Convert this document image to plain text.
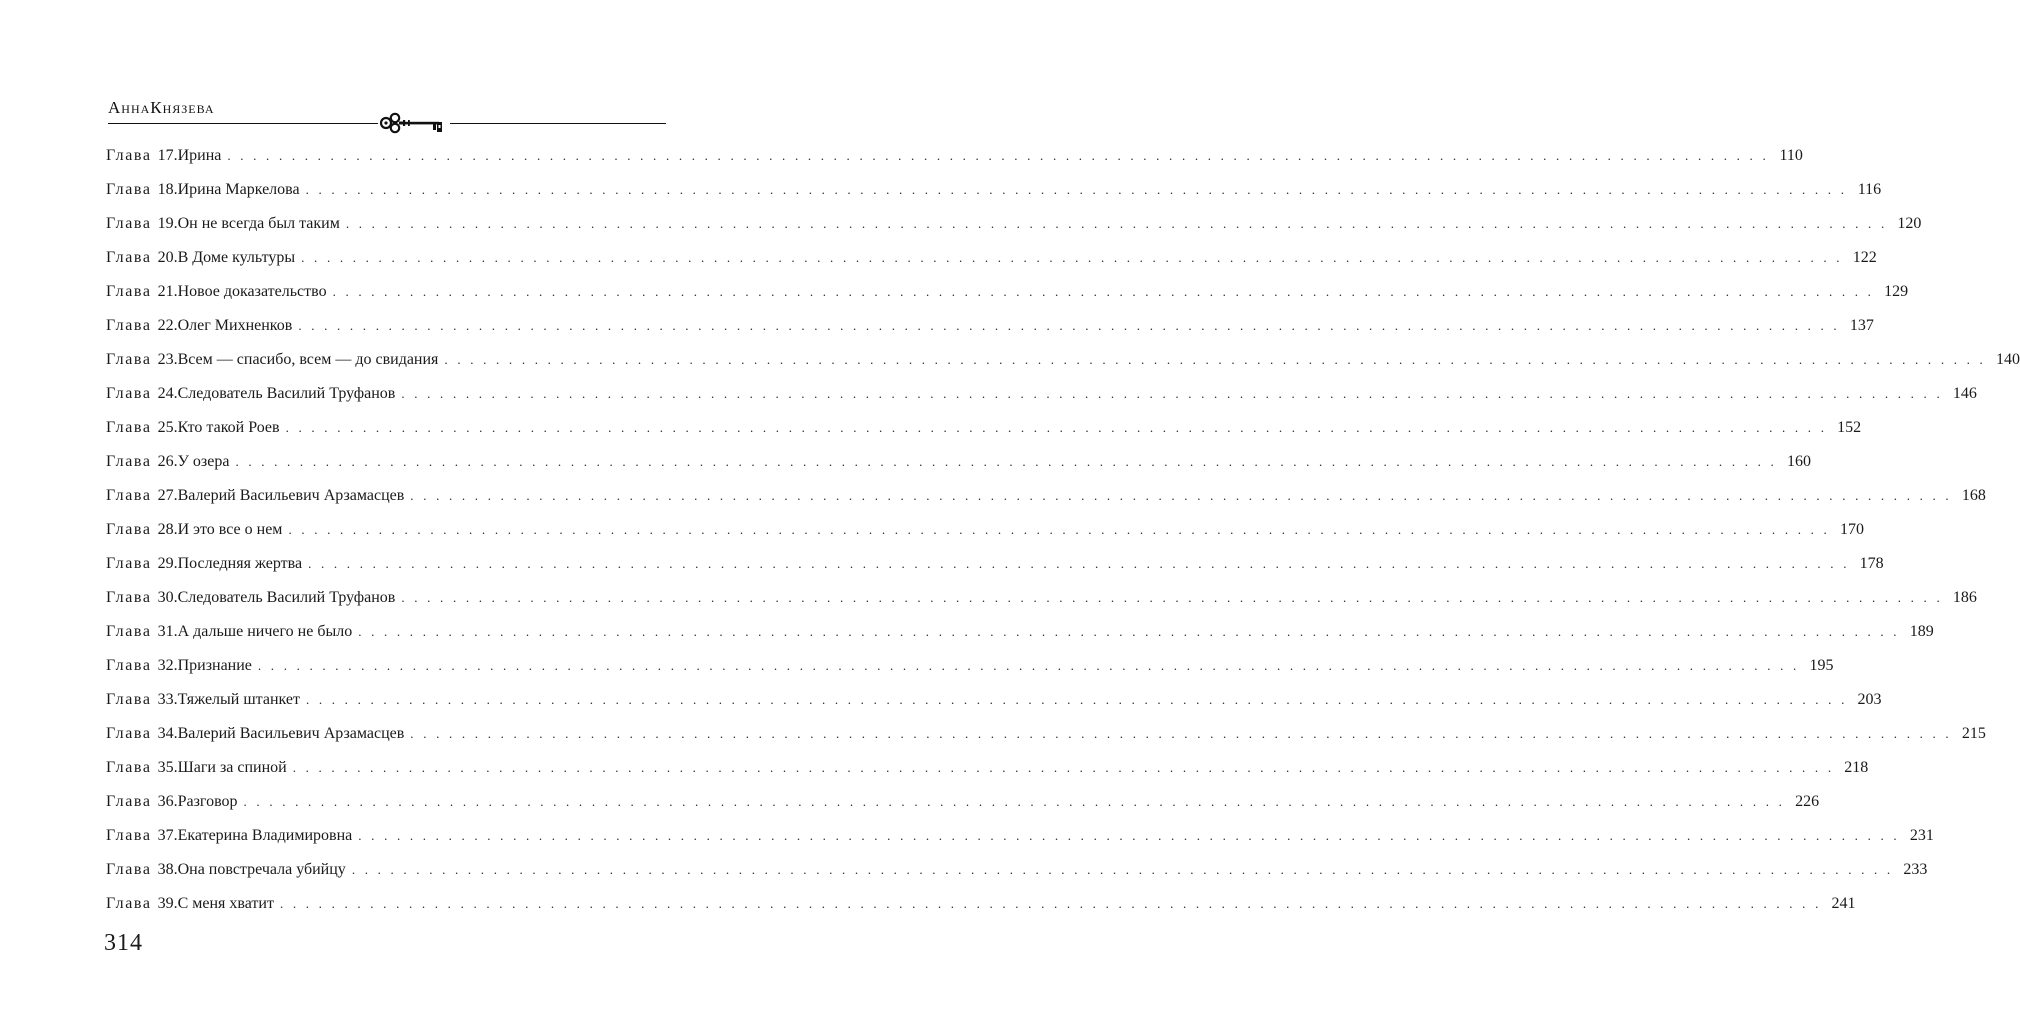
АннаКнязева
Глава 17. Ирина . . . . . . . . . . . . . . . . . . . . . . . . . . . . . . . . . . . . . . . . . . . . . . . . . . . . . . . . . . . . . . . . . . . . . . . . . . . . . . . . . . . . . . . . . . . . . . . . . . . . . . . . . . . . . . . . . . . . . . . . 110
Глава 18. Ирина Маркелова . . . . . . . . . . . . . . . . . . . . . . . . . . . . . . . . . . . . . . . . . . . . . . . . . . . . . . . . . . . . . . . . . . . . . . . . . . . . . . . . . . . . . . . . . . . . . . . . . . . . . . . . . . . . . . . . . . . . . . . . 116
Глава 19. Он не всегда был таким . . . . . . . . . . . . . . . . . . . . . . . . . . . . . . . . . . . . . . . . . . . . . . . . . . . . . . . . . . . . . . . . . . . . . . . . . . . . . . . . . . . . . . . . . . . . . . . . . . . . . . . . . . . . . . . . . . . . . . . . 120
Глава 20. В Доме культуры . . . . . . . . . . . . . . . . . . . . . . . . . . . . . . . . . . . . . . . . . . . . . . . . . . . . . . . . . . . . . . . . . . . . . . . . . . . . . . . . . . . . . . . . . . . . . . . . . . . . . . . . . . . . . . . . . . . . . . . . 122
Глава 21. Новое доказательство . . . . . . . . . . . . . . . . . . . . . . . . . . . . . . . . . . . . . . . . . . . . . . . . . . . . . . . . . . . . . . . . . . . . . . . . . . . . . . . . . . . . . . . . . . . . . . . . . . . . . . . . . . . . . . . . . . . . . . . . 129
Глава 22. Олег Михненков . . . . . . . . . . . . . . . . . . . . . . . . . . . . . . . . . . . . . . . . . . . . . . . . . . . . . . . . . . . . . . . . . . . . . . . . . . . . . . . . . . . . . . . . . . . . . . . . . . . . . . . . . . . . . . . . . . . . . . . . 137
Глава 23. Всем — спасибо, всем — до свидания . . . . . . . . . . . . . . . . . . . . . . . . . . . . . . . . . . . . . . . . . . . . . . . . . . . . . . . . . . . . . . . . . . . . . . . . . . . . . . . . . . . . . . . . . . . . . . . . . . . . . . . . . . . . . . . . . . . . . . . . 140
Глава 24. Следователь Василий Труфанов . . . . . . . . . . . . . . . . . . . . . . . . . . . . . . . . . . . . . . . . . . . . . . . . . . . . . . . . . . . . . . . . . . . . . . . . . . . . . . . . . . . . . . . . . . . . . . . . . . . . . . . . . . . . . . . . . . . . . . . . 146
Глава 25. Кто такой Роев . . . . . . . . . . . . . . . . . . . . . . . . . . . . . . . . . . . . . . . . . . . . . . . . . . . . . . . . . . . . . . . . . . . . . . . . . . . . . . . . . . . . . . . . . . . . . . . . . . . . . . . . . . . . . . . . . . . . . . . . 152
Глава 26. У озера . . . . . . . . . . . . . . . . . . . . . . . . . . . . . . . . . . . . . . . . . . . . . . . . . . . . . . . . . . . . . . . . . . . . . . . . . . . . . . . . . . . . . . . . . . . . . . . . . . . . . . . . . . . . . . . . . . . . . . . . 160
Глава 27. Валерий Васильевич Арзамасцев . . . . . . . . . . . . . . . . . . . . . . . . . . . . . . . . . . . . . . . . . . . . . . . . . . . . . . . . . . . . . . . . . . . . . . . . . . . . . . . . . . . . . . . . . . . . . . . . . . . . . . . . . . . . . . . . . . . . . . . . 168
Глава 28. И это все о нем . . . . . . . . . . . . . . . . . . . . . . . . . . . . . . . . . . . . . . . . . . . . . . . . . . . . . . . . . . . . . . . . . . . . . . . . . . . . . . . . . . . . . . . . . . . . . . . . . . . . . . . . . . . . . . . . . . . . . . . . 170
Глава 29. Последняя жертва . . . . . . . . . . . . . . . . . . . . . . . . . . . . . . . . . . . . . . . . . . . . . . . . . . . . . . . . . . . . . . . . . . . . . . . . . . . . . . . . . . . . . . . . . . . . . . . . . . . . . . . . . . . . . . . . . . . . . . . . 178
Глава 30. Следователь Василий Труфанов . . . . . . . . . . . . . . . . . . . . . . . . . . . . . . . . . . . . . . . . . . . . . . . . . . . . . . . . . . . . . . . . . . . . . . . . . . . . . . . . . . . . . . . . . . . . . . . . . . . . . . . . . . . . . . . . . . . . . . . . 186
Глава 31. А дальше ничего не было . . . . . . . . . . . . . . . . . . . . . . . . . . . . . . . . . . . . . . . . . . . . . . . . . . . . . . . . . . . . . . . . . . . . . . . . . . . . . . . . . . . . . . . . . . . . . . . . . . . . . . . . . . . . . . . . . . . . . . . . 189
Глава 32. Признание . . . . . . . . . . . . . . . . . . . . . . . . . . . . . . . . . . . . . . . . . . . . . . . . . . . . . . . . . . . . . . . . . . . . . . . . . . . . . . . . . . . . . . . . . . . . . . . . . . . . . . . . . . . . . . . . . . . . . . . . 195
Глава 33. Тяжелый штанкет . . . . . . . . . . . . . . . . . . . . . . . . . . . . . . . . . . . . . . . . . . . . . . . . . . . . . . . . . . . . . . . . . . . . . . . . . . . . . . . . . . . . . . . . . . . . . . . . . . . . . . . . . . . . . . . . . . . . . . . . 203
Глава 34. Валерий Васильевич Арзамасцев . . . . . . . . . . . . . . . . . . . . . . . . . . . . . . . . . . . . . . . . . . . . . . . . . . . . . . . . . . . . . . . . . . . . . . . . . . . . . . . . . . . . . . . . . . . . . . . . . . . . . . . . . . . . . . . . . . . . . . . . 215
Глава 35. Шаги за спиной . . . . . . . . . . . . . . . . . . . . . . . . . . . . . . . . . . . . . . . . . . . . . . . . . . . . . . . . . . . . . . . . . . . . . . . . . . . . . . . . . . . . . . . . . . . . . . . . . . . . . . . . . . . . . . . . . . . . . . . . 218
Глава 36. Разговор . . . . . . . . . . . . . . . . . . . . . . . . . . . . . . . . . . . . . . . . . . . . . . . . . . . . . . . . . . . . . . . . . . . . . . . . . . . . . . . . . . . . . . . . . . . . . . . . . . . . . . . . . . . . . . . . . . . . . . . . 226
Глава 37. Екатерина Владимировна . . . . . . . . . . . . . . . . . . . . . . . . . . . . . . . . . . . . . . . . . . . . . . . . . . . . . . . . . . . . . . . . . . . . . . . . . . . . . . . . . . . . . . . . . . . . . . . . . . . . . . . . . . . . . . . . . . . . . . . . 231
Глава 38. Она повстречала убийцу . . . . . . . . . . . . . . . . . . . . . . . . . . . . . . . . . . . . . . . . . . . . . . . . . . . . . . . . . . . . . . . . . . . . . . . . . . . . . . . . . . . . . . . . . . . . . . . . . . . . . . . . . . . . . . . . . . . . . . . . 233
Глава 39. С меня хватит . . . . . . . . . . . . . . . . . . . . . . . . . . . . . . . . . . . . . . . . . . . . . . . . . . . . . . . . . . . . . . . . . . . . . . . . . . . . . . . . . . . . . . . . . . . . . . . . . . . . . . . . . . . . . . . . . . . . . . . . 241
314
